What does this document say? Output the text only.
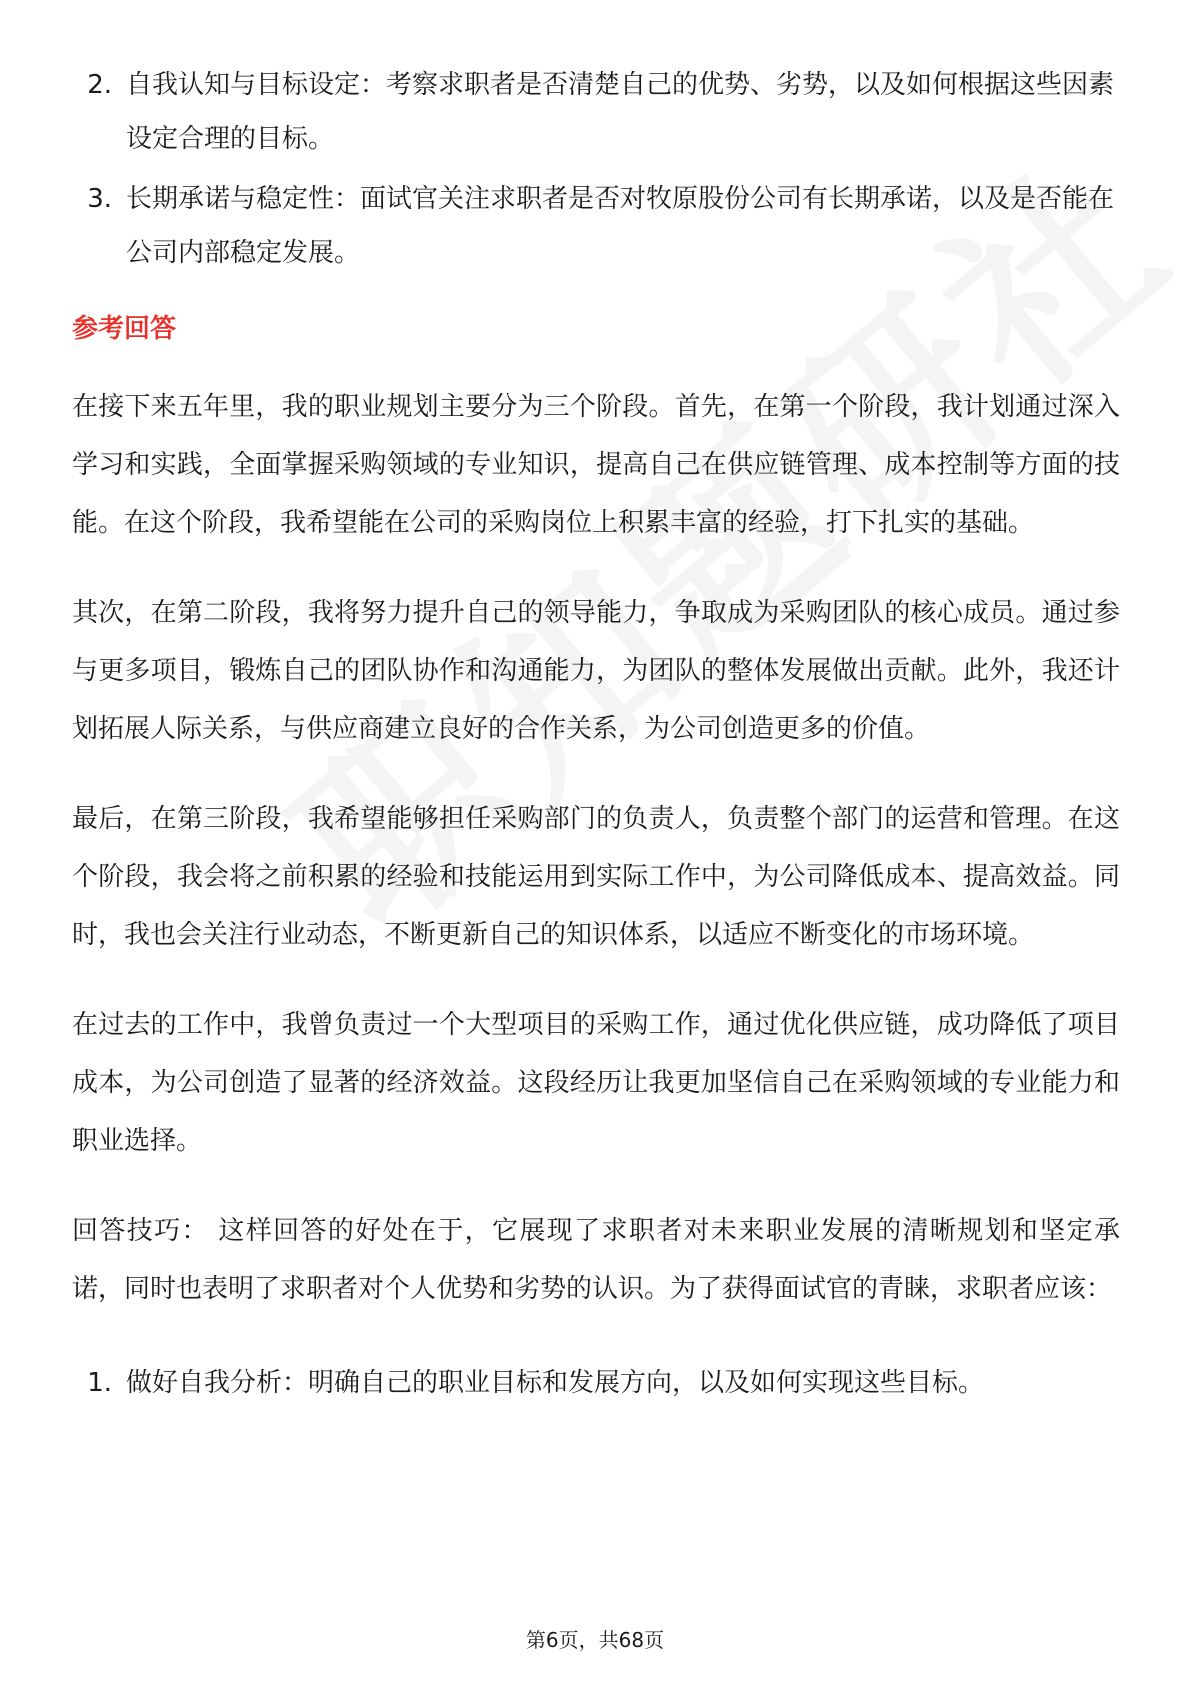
2. 自我认知与目标设定：考察求职者是否清楚自己的优势、劣势，以及如何根据这些因素设定合理的目标。
3. 长期承诺与稳定性：面试官关注求职者是否对牧原股份公司有长期承诺，以及是否能在公司内部稳定发展。
参考回答

在接下来五年里，我的职业规划主要分为三个阶段。首先，在第一个阶段，我计划通过深入学习和实践，全面掌握采购领域的专业知识，提高自己在供应链管理、成本控制等方面的技能。在这个阶段，我希望能在公司的采购岗位上积累丰富的经验，打下扎实的基础。

其次，在第二阶段，我将努力提升自己的领导能力，争取成为采购团队的核心成员。通过参与更多项目，锻炼自己的团队协作和沟通能力，为团队的整体发展做出贡献。此外，我还计划拓展人际关系，与供应商建立良好的合作关系，为公司创造更多的价值。

最后，在第三阶段，我希望能够担任采购部门的负责人，负责整个部门的运营和管理。在这个阶段，我会将之前积累的经验和技能运用到实际工作中，为公司降低成本、提高效益。同时，我也会关注行业动态，不断更新自己的知识体系，以适应不断变化的市场环境。

在过去的工作中，我曾负责过一个大型项目的采购工作，通过优化供应链，成功降低了项目成本，为公司创造了显著的经济效益。这段经历让我更加坚信自己在采购领域的专业能力和职业选择。

回答技巧： 这样回答的好处在于，它展现了求职者对未来职业发展的清晰规划和坚定承诺，同时也表明了求职者对个人优势和劣势的认识。为了获得面试官的青睐，求职者应该：

1. 做好自我分析：明确自己的职业目标和发展方向，以及如何实现这些目标。
第6页，共68页
